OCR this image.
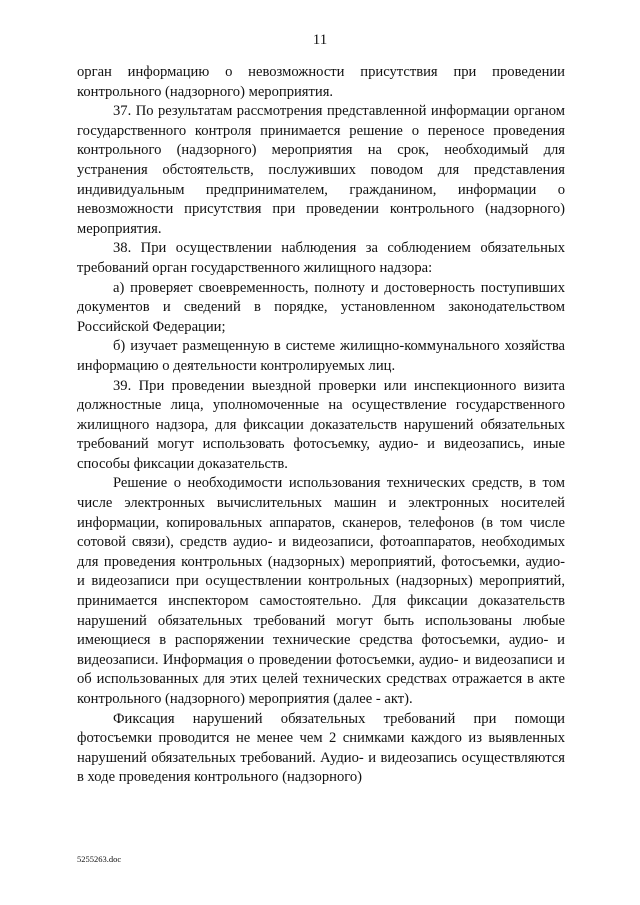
11

орган информацию о невозможности присутствия при проведении контрольного (надзорного) мероприятия.

37. По результатам рассмотрения представленной информации органом государственного контроля принимается решение о переносе проведения контрольного (надзорного) мероприятия на срок, необходимый для устранения обстоятельств, послуживших поводом для представления индивидуальным предпринимателем, гражданином, информации о невозможности присутствия при проведении контрольного (надзорного) мероприятия.

38. При осуществлении наблюдения за соблюдением обязательных требований орган государственного жилищного надзора:

а) проверяет своевременность, полноту и достоверность поступивших документов и сведений в порядке, установленном законодательством Российской Федерации;

б) изучает размещенную в системе жилищно-коммунального хозяйства информацию о деятельности контролируемых лиц.

39. При проведении выездной проверки или инспекционного визита должностные лица, уполномоченные на осуществление государственного жилищного надзора, для фиксации доказательств нарушений обязательных требований могут использовать фотосъемку, аудио- и видеозапись, иные способы фиксации доказательств.

Решение о необходимости использования технических средств, в том числе электронных вычислительных машин и электронных носителей информации, копировальных аппаратов, сканеров, телефонов (в том числе сотовой связи), средств аудио- и видеозаписи, фотоаппаратов, необходимых для проведения контрольных (надзорных) мероприятий, фотосъемки, аудио- и видеозаписи при осуществлении контрольных (надзорных) мероприятий, принимается инспектором самостоятельно. Для фиксации доказательств нарушений обязательных требований могут быть использованы любые имеющиеся в распоряжении технические средства фотосъемки, аудио- и видеозаписи. Информация о проведении фотосъемки, аудио- и видеозаписи и об использованных для этих целей технических средствах отражается в акте контрольного (надзорного) мероприятия (далее - акт).

Фиксация нарушений обязательных требований при помощи фотосъемки проводится не менее чем 2 снимками каждого из выявленных нарушений обязательных требований. Аудио- и видеозапись осуществляются в ходе проведения контрольного (надзорного)

5255263.doc
